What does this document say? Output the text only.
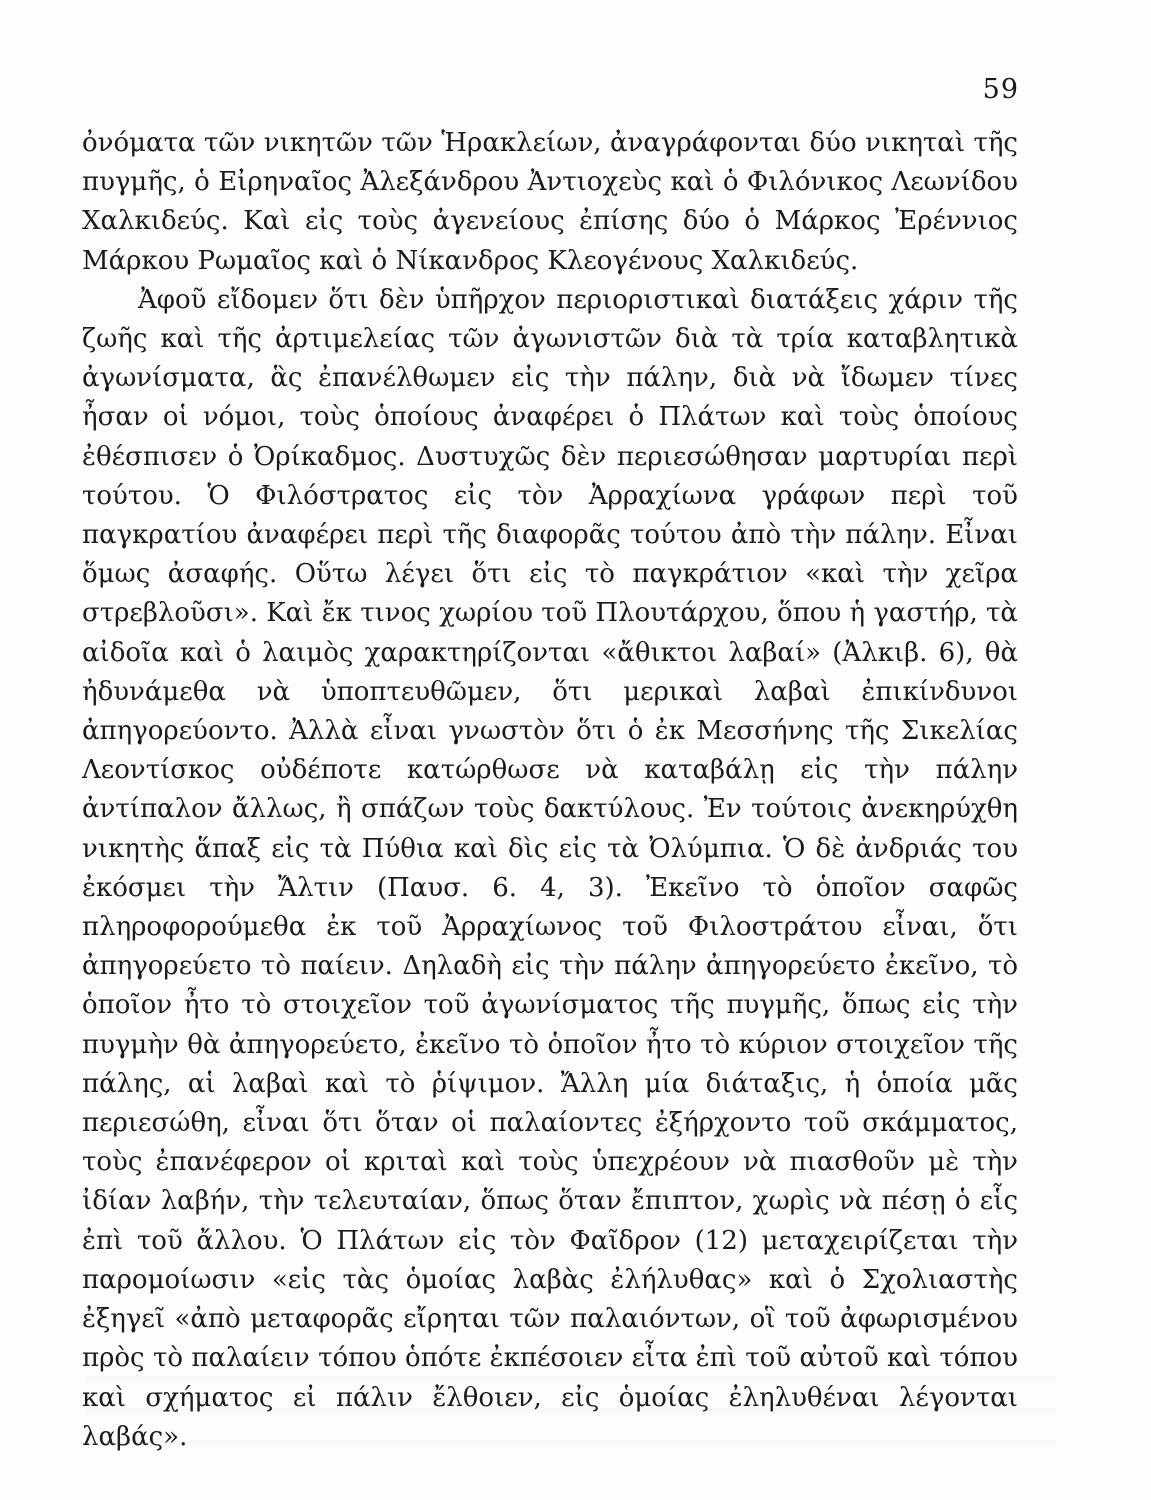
59

ὀνόματα τῶν νικητῶν τῶν Ἡρακλείων, ἀναγράφονται δύο νικηταὶ τῆς πυγμῆς, ὁ Εἰρηναῖος Ἀλεξάνδρου Ἀντιοχεὺς καὶ ὁ Φιλόνικος Λεωνίδου Χαλκιδεύς. Καὶ εἰς τοὺς ἀγενείους ἐπίσης δύο ὁ Μάρκος Ἐρέννιος Μάρκου Ρωμαῖος καὶ ὁ Νίκανδρος Κλεογένους Χαλκιδεύς.

Ἀφοῦ εἴδομεν ὅτι δὲν ὑπῆρχον περιοριστικαὶ διατάξεις χάριν τῆς ζωῆς καὶ τῆς ἀρτιμελείας τῶν ἀγωνιστῶν διὰ τὰ τρία καταβλητικὰ ἀγωνίσματα, ἃς ἐπανέλθωμεν εἰς τὴν πάλην, διὰ νὰ ἴδωμεν τίνες ἦσαν οἱ νόμοι, τοὺς ὁποίους ἀναφέρει ὁ Πλάτων καὶ τοὺς ὁποίους ἐθέσπισεν ὁ Ὀρίκαδμος. Δυστυχῶς δὲν περιεσώθησαν μαρτυρίαι περὶ τούτου. Ὁ Φιλόστρατος εἰς τὸν Ἀρραχίωνα γράφων περὶ τοῦ παγκρατίου ἀναφέρει περὶ τῆς διαφορᾶς τούτου ἀπὸ τὴν πάλην. Εἶναι ὅμως ἀσαφής. Οὕτω λέγει ὅτι εἰς τὸ παγκράτιον «καὶ τὴν χεῖρα στρεβλοῦσι». Καὶ ἔκ τινος χωρίου τοῦ Πλουτάρχου, ὅπου ἡ γαστήρ, τὰ αἰδοῖα καὶ ὁ λαιμὸς χαρακτηρίζονται «ἄθικτοι λαβαί» (Ἀλκιβ. 6), θὰ ἠδυνάμεθα νὰ ὑποπτευθῶμεν, ὅτι μερικαὶ λαβαὶ ἐπικίνδυνοι ἀπηγορεύοντο. Ἀλλὰ εἶναι γνωστὸν ὅτι ὁ ἐκ Μεσσήνης τῆς Σικελίας Λεοντίσκος οὐδέποτε κατώρθωσε νὰ καταβάλῃ εἰς τὴν πάλην ἀντίπαλον ἄλλως, ἢ σπάζων τοὺς δακτύλους. Ἐν τούτοις ἀνεκηρύχθη νικητὴς ἅπαξ εἰς τὰ Πύθια καὶ δὶς εἰς τὰ Ὀλύμπια. Ὁ δὲ ἀνδριάς του ἐκόσμει τὴν Ἄλτιν (Παυσ. 6. 4, 3). Ἐκεῖνο τὸ ὁποῖον σαφῶς πληροφορούμεθα ἐκ τοῦ Ἀρραχίωνος τοῦ Φιλοστράτου εἶναι, ὅτι ἀπηγορεύετο τὸ παίειν. Δηλαδὴ εἰς τὴν πάλην ἀπηγορεύετο ἐκεῖνο, τὸ ὁποῖον ἦτο τὸ στοιχεῖον τοῦ ἀγωνίσματος τῆς πυγμῆς, ὅπως εἰς τὴν πυγμὴν θὰ ἀπηγορεύετο, ἐκεῖνο τὸ ὁποῖον ἦτο τὸ κύριον στοιχεῖον τῆς πάλης, αἱ λαβαὶ καὶ τὸ ῥίψιμον. Ἄλλη μία διάταξις, ἡ ὁποία μᾶς περιεσώθη, εἶναι ὅτι ὅταν οἱ παλαίοντες ἐξήρχοντο τοῦ σκάμματος, τοὺς ἐπανέφερον οἱ κριταὶ καὶ τοὺς ὑπεχρέουν νὰ πιασθοῦν μὲ τὴν ἰδίαν λαβήν, τὴν τελευταίαν, ὅπως ὅταν ἔπιπτον, χωρὶς νὰ πέσῃ ὁ εἷς ἐπὶ τοῦ ἄλλου. Ὁ Πλάτων εἰς τὸν Φαῖδρον (12) μεταχειρίζεται τὴν παρομοίωσιν «εἰς τὰς ὁμοίας λαβὰς ἐλήλυθας» καὶ ὁ Σχολιαστὴς ἐξηγεῖ «ἀπὸ μεταφορᾶς εἴρηται τῶν παλαιόντων, οἳ τοῦ ἀφωρισμένου πρὸς τὸ παλαίειν τόπου ὁπότε ἐκπέσοιεν εἶτα ἐπὶ τοῦ αὐτοῦ καὶ τόπου καὶ σχήματος εἰ πάλιν ἔλθοιεν, εἰς ὁμοίας ἐληλυθέναι λέγονται λαβάς».
